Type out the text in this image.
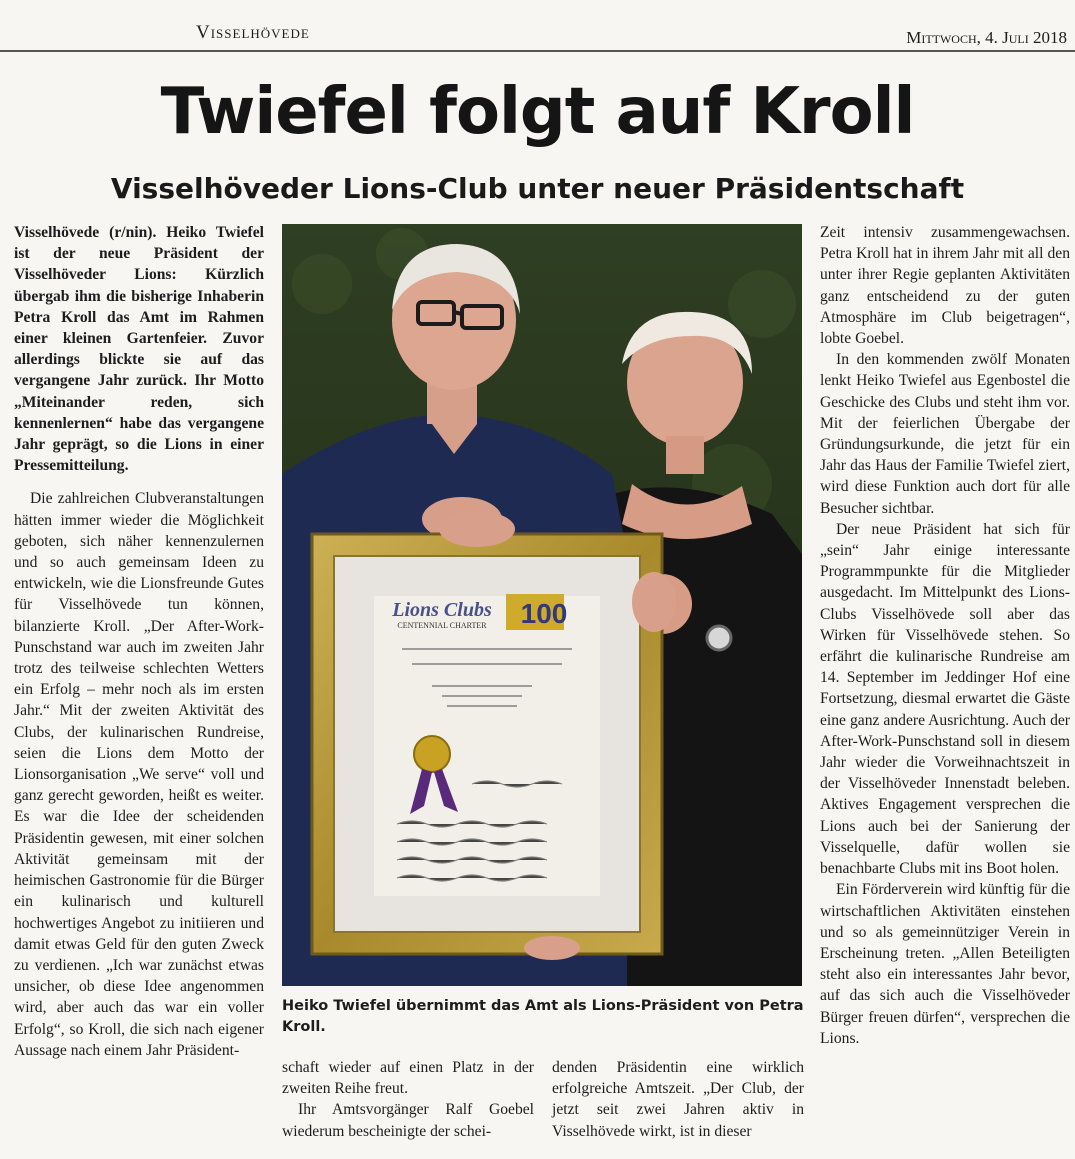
Visselhövede	Mittwoch, 4. Juli 2018
Twiefel folgt auf Kroll
Visselhöveder Lions-Club unter neuer Präsidentschaft

Visselhövede (r/nin). Heiko Twiefel ist der neue Präsident der Visselhöveder Lions: Kürzlich übergab ihm die bisherige Inhaberin Petra Kroll das Amt im Rahmen einer kleinen Gartenfeier. Zuvor allerdings blickte sie auf das vergangene Jahr zurück. Ihr Motto „Miteinander reden, sich kennenlernen“ habe das vergangene Jahr geprägt, so die Lions in einer Pressemitteilung.

Die zahlreichen Clubveranstaltungen hätten immer wieder die Möglichkeit geboten, sich näher kennenzulernen und so auch gemeinsam Ideen zu entwickeln, wie die Lionsfreunde Gutes für Visselhövede tun können, bilanzierte Kroll. „Der After-Work-Punschstand war auch im zweiten Jahr trotz des teilweise schlechten Wetters ein Erfolg – mehr noch als im ersten Jahr.“ Mit der zweiten Aktivität des Clubs, der kulinarischen Rundreise, seien die Lions dem Motto der Lionsorganisation „We serve“ voll und ganz gerecht geworden, heißt es weiter. Es war die Idee der scheidenden Präsidentin gewesen, mit einer solchen Aktivität gemeinsam mit der heimischen Gastronomie für die Bürger ein kulinarisch und kulturell hochwertiges Angebot zu initiieren und damit etwas Geld für den guten Zweck zu verdienen. „Ich war zunächst etwas unsicher, ob diese Idee angenommen wird, aber auch das war ein voller Erfolg“, so Kroll, die sich nach eigener Aussage nach einem Jahr Präsident-

Lions Clubs
CENTENNIAL CHARTER 100
Heiko Twiefel übernimmt das Amt als Lions-Präsident von Petra Kroll.

schaft wieder auf einen Platz in der zweiten Reihe freut.

Ihr Amtsvorgänger Ralf Goebel wiederum bescheinigte der schei-

denden Präsidentin eine wirklich erfolgreiche Amtszeit. „Der Club, der jetzt seit zwei Jahren aktiv in Visselhövede wirkt, ist in dieser

Zeit intensiv zusammengewachsen. Petra Kroll hat in ihrem Jahr mit all den unter ihrer Regie geplanten Aktivitäten ganz entscheidend zu der guten Atmosphäre im Club beigetragen“, lobte Goebel.

In den kommenden zwölf Monaten lenkt Heiko Twiefel aus Egenbostel die Geschicke des Clubs und steht ihm vor. Mit der feierlichen Übergabe der Gründungsurkunde, die jetzt für ein Jahr das Haus der Familie Twiefel ziert, wird diese Funktion auch dort für alle Besucher sichtbar.

Der neue Präsident hat sich für „sein“ Jahr einige interessante Programmpunkte für die Mitglieder ausgedacht. Im Mittelpunkt des Lions-Clubs Visselhövede soll aber das Wirken für Visselhövede stehen. So erfährt die kulinarische Rundreise am 14. September im Jeddinger Hof eine Fortsetzung, diesmal erwartet die Gäste eine ganz andere Ausrichtung. Auch der After-Work-Punschstand soll in diesem Jahr wieder die Vorweihnachtszeit in der Visselhöveder Innenstadt beleben. Aktives Engagement versprechen die Lions auch bei der Sanierung der Visselquelle, dafür wollen sie benachbarte Clubs mit ins Boot holen.

Ein Förderverein wird künftig für die wirtschaftlichen Aktivitäten einstehen und so als gemeinnütziger Verein in Erscheinung treten. „Allen Beteiligten steht also ein interessantes Jahr bevor, auf das sich auch die Visselhöveder Bürger freuen dürfen“, versprechen die Lions.
